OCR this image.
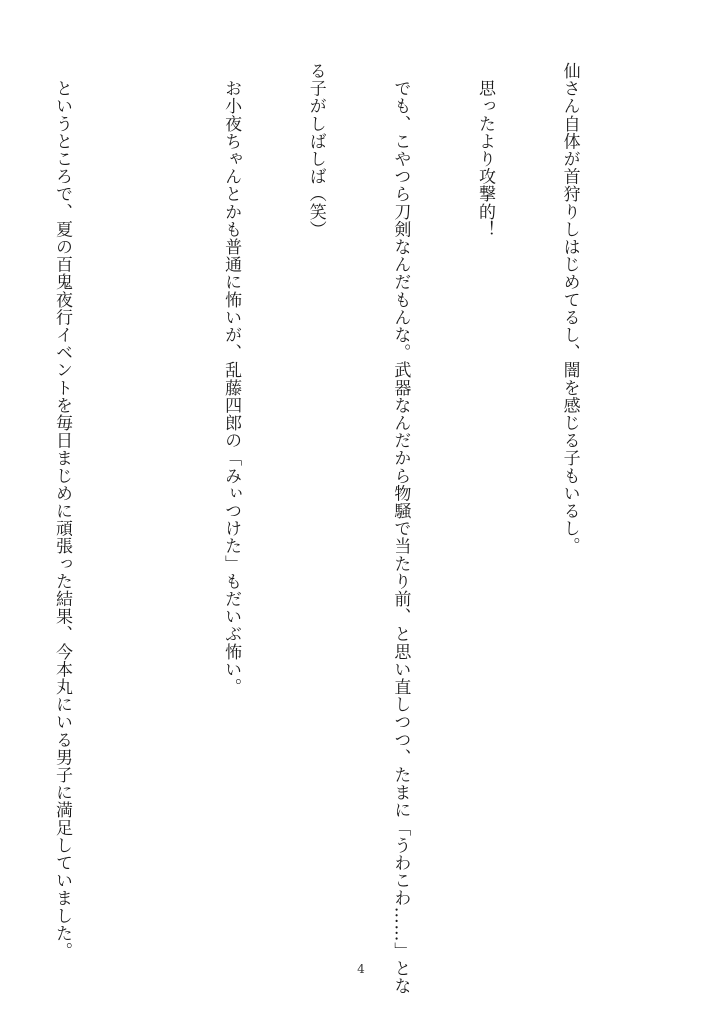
仙さん自体が首狩りしはじめてるし、闇を感じる子もいるし。

　思ったより攻撃的！

　でも、こやつら刀剣なんだもんな。武器なんだから物騒で当たり前、と思い直しつつ、たまに「うわこわ……」とな

る子がしばしば（笑）

　お小夜ちゃんとかも普通に怖いが、乱藤四郎の「みぃつけた」もだいぶ怖い。

　というところで、夏の百鬼夜行イベントを毎日まじめに頑張った結果、今本丸にいる男子に満足していました。

4
